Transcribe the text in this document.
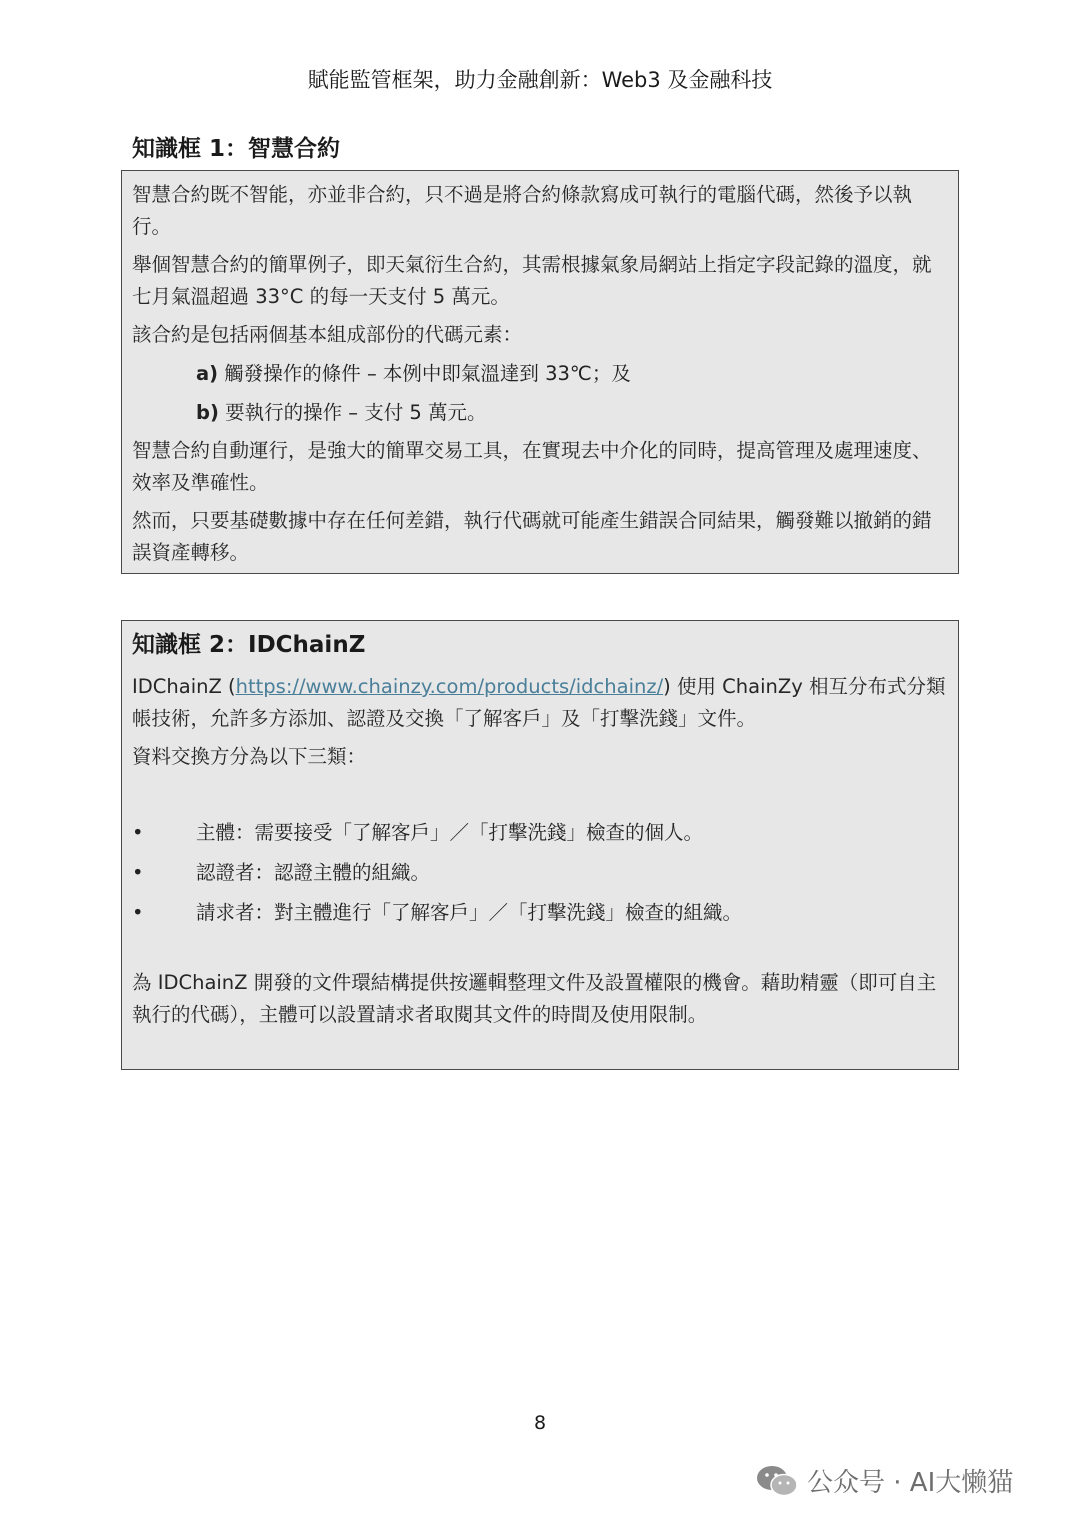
賦能監管框架，助力金融創新：Web3 及金融科技
知識框 1：智慧合約

智慧合約既不智能，亦並非合約，只不過是將合約條款寫成可執行的電腦代碼，然後予以執行。

舉個智慧合約的簡單例子，即天氣衍生合約，其需根據氣象局網站上指定字段記錄的溫度，就七月氣溫超過 33°C 的每一天支付 5 萬元。

該合約是包括兩個基本組成部份的代碼元素：

a) 觸發操作的條件 – 本例中即氣溫達到 33℃；及
b) 要執行的操作 – 支付 5 萬元。

智慧合約自動運行，是強大的簡單交易工具，在實現去中介化的同時，提高管理及處理速度、效率及準確性。

然而，只要基礎數據中存在任何差錯，執行代碼就可能產生錯誤合同結果，觸發難以撤銷的錯誤資產轉移。

知識框 2：IDChainZ

IDChainZ (https://www.chainzy.com/products/idchainz/) 使用 ChainZy 相互分布式分類帳技術，允許多方添加、認證及交換「了解客戶」及「打擊洗錢」文件。

資料交換方分為以下三類：

•	主體：需要接受「了解客戶」／「打擊洗錢」檢查的個人。
•	認證者：認證主體的組織。
•	請求者：對主體進行「了解客戶」／「打擊洗錢」檢查的組織。

為 IDChainZ 開發的文件環結構提供按邏輯整理文件及設置權限的機會。藉助精靈（即可自主執行的代碼），主體可以設置請求者取閱其文件的時間及使用限制。

8
公众号 · AI大懒猫
